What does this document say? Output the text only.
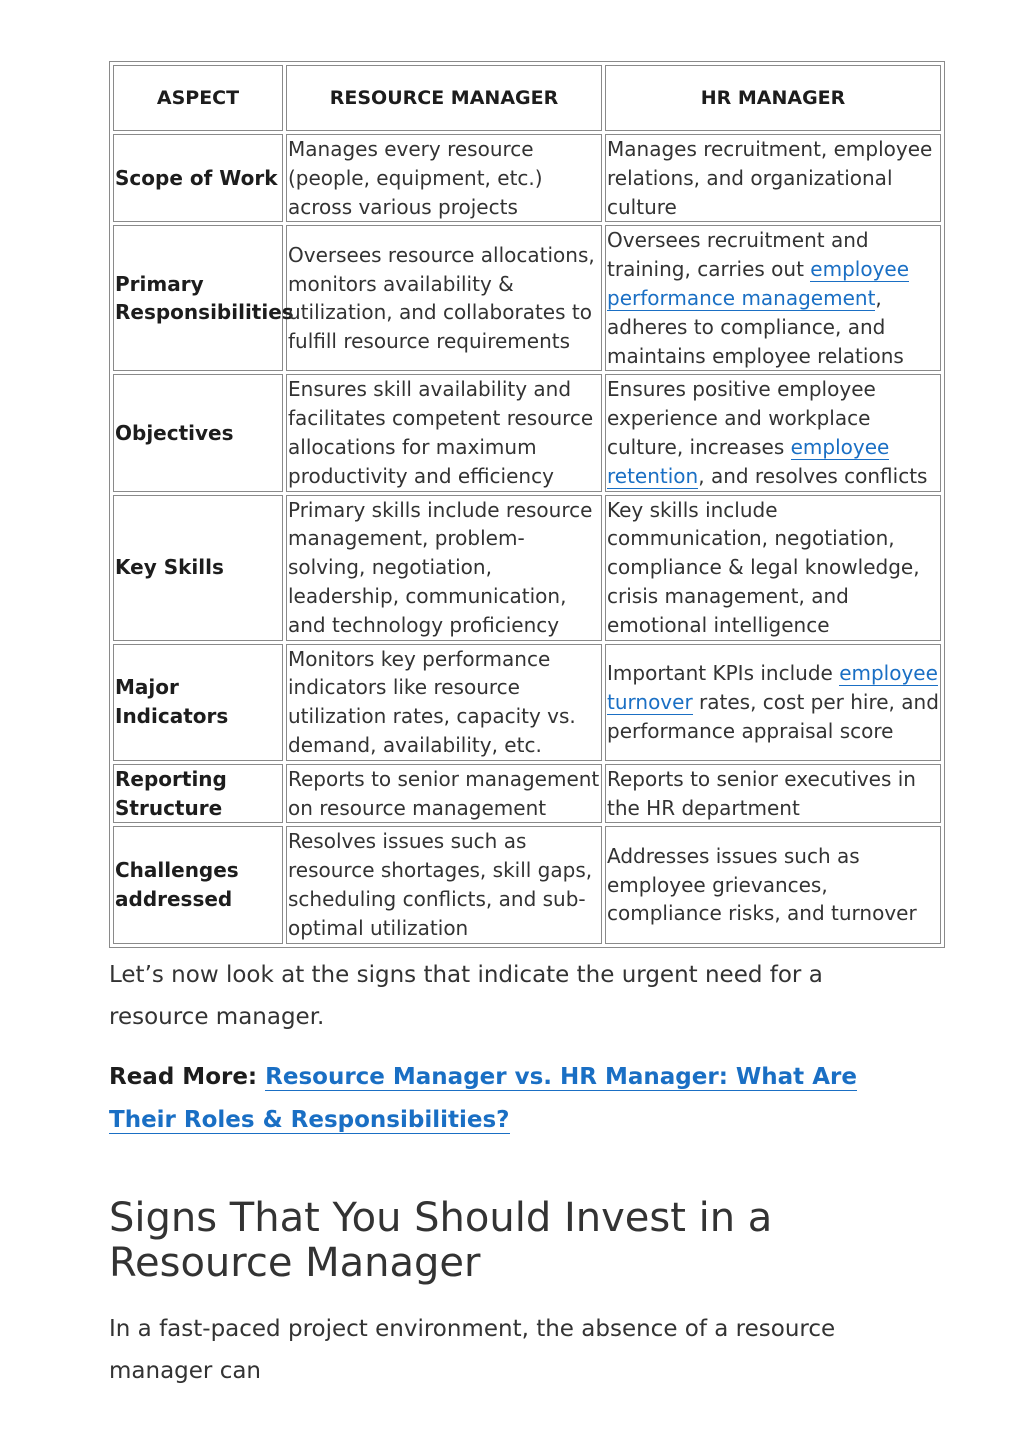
ASPECT	RESOURCE MANAGER	HR MANAGER
Scope of Work	Manages every resource (people, equipment, etc.) across various projects	Manages recruitment, employee relations, and organizational culture
Primary Responsibilities	Oversees resource allocations, monitors availability & utilization, and collaborates to fulfill resource requirements	Oversees recruitment and training, carries out employee performance management, adheres to compliance, and maintains employee relations
Objectives	Ensures skill availability and facilitates competent resource allocations for maximum productivity and efficiency	Ensures positive employee experience and workplace culture, increases employee retention, and resolves conflicts
Key Skills	Primary skills include resource management, problem-solving, negotiation, leadership, communication, and technology proficiency	Key skills include communication, negotiation, compliance & legal knowledge, crisis management, and emotional intelligence
Major Indicators	Monitors key performance indicators like resource utilization rates, capacity vs. demand, availability, etc.	Important KPIs include employee turnover rates, cost per hire, and performance appraisal score
Reporting Structure	Reports to senior management on resource management	Reports to senior executives in the HR department
Challenges addressed	Resolves issues such as resource shortages, skill gaps, scheduling conflicts, and sub-optimal utilization	Addresses issues such as employee grievances, compliance risks, and turnover

Let’s now look at the signs that indicate the urgent need for a resource manager.

Read More: Resource Manager vs. HR Manager: What Are Their Roles & Responsibilities?

Signs That You Should Invest in a Resource Manager

In a fast-paced project environment, the absence of a resource manager can
